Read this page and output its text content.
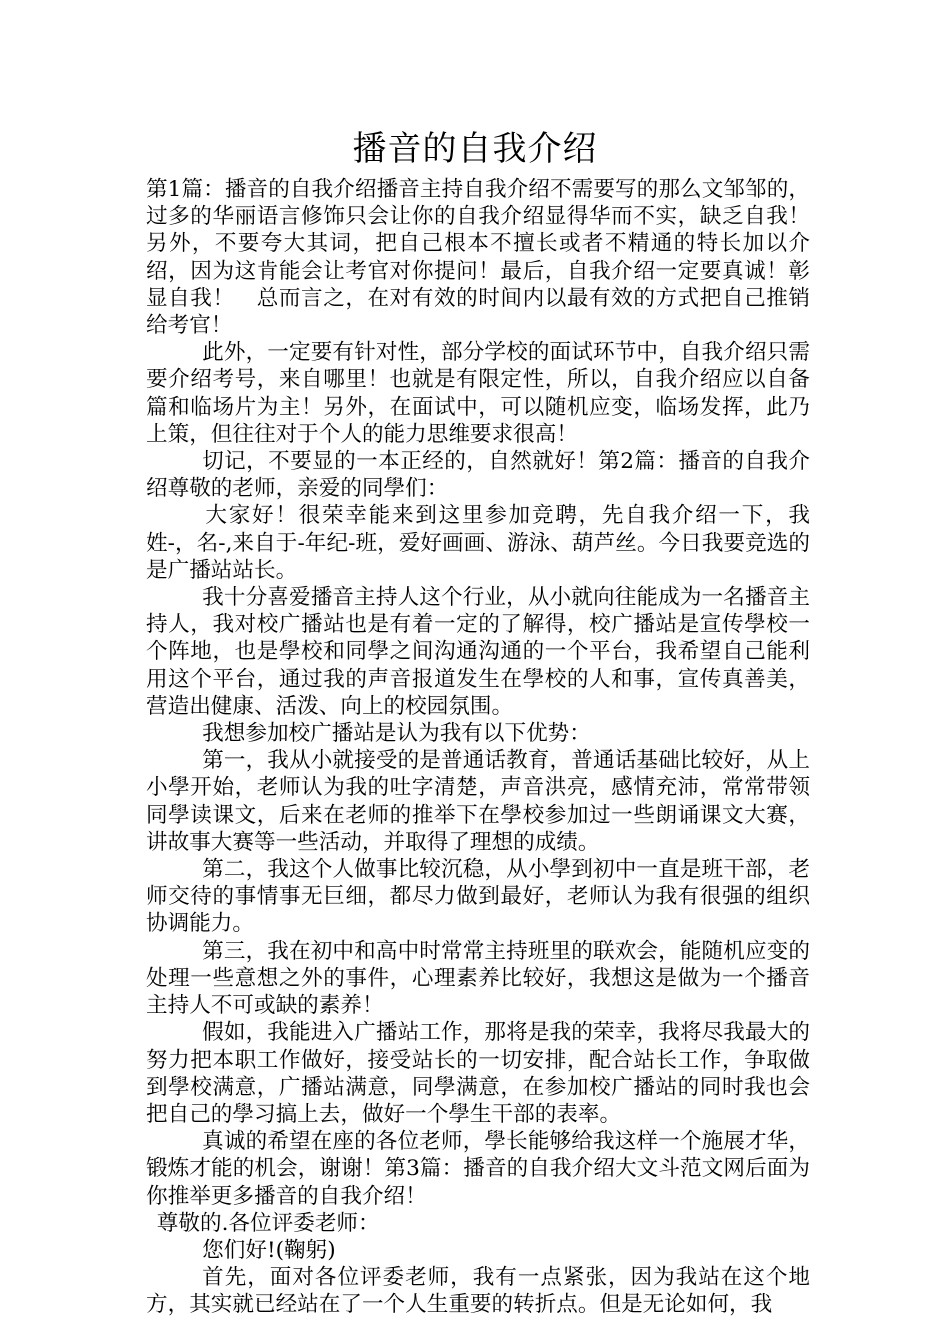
播音的自我介绍

第1篇：播音的自我介绍播音主持自我介绍不需要写的那么文邹邹的，过多的华丽语言修饰只会让你的自我介绍显得华而不实，缺乏自我！另外，不要夸大其词，把自己根本不擅长或者不精通的特长加以介绍，因为这肯能会让考官对你提问！最后，自我介绍一定要真诚！彰显自我！　总而言之，在对有效的时间内以最有效的方式把自己推销给考官！

此外，一定要有针对性，部分学校的面试环节中，自我介绍只需要介绍考号，来自哪里！也就是有限定性，所以，自我介绍应以自备篇和临场片为主！另外，在面试中，可以随机应变，临场发挥，此乃上策，但往往对于个人的能力思维要求很高！

切记，不要显的一本正经的，自然就好！第2篇：播音的自我介绍尊敬的老师，亲爱的同學们：

大家好！很荣幸能来到这里参加竞聘，先自我介绍一下，我姓-，名-,来自于-年纪-班，爱好画画、游泳、葫芦丝。今日我要竞选的是广播站站长。

我十分喜爱播音主持人这个行业，从小就向往能成为一名播音主持人，我对校广播站也是有着一定的了解得，校广播站是宣传學校一个阵地，也是學校和同學之间沟通沟通的一个平台，我希望自己能利用这个平台，通过我的声音报道发生在學校的人和事，宣传真善美，营造出健康、活泼、向上的校园氛围。

我想参加校广播站是认为我有以下优势：

第一，我从小就接受的是普通话教育，普通话基础比较好，从上小學开始，老师认为我的吐字清楚，声音洪亮，感情充沛，常常带领同學读课文，后来在老师的推举下在學校参加过一些朗诵课文大赛，讲故事大赛等一些活动，并取得了理想的成绩。

第二，我这个人做事比较沉稳，从小學到初中一直是班干部，老师交待的事情事无巨细，都尽力做到最好，老师认为我有很强的组织协调能力。

第三，我在初中和高中时常常主持班里的联欢会，能随机应变的处理一些意想之外的事件，心理素养比较好，我想这是做为一个播音主持人不可或缺的素养！

假如，我能进入广播站工作，那将是我的荣幸，我将尽我最大的努力把本职工作做好，接受站长的一切安排，配合站长工作，争取做到學校满意，广播站满意，同學满意，在参加校广播站的同时我也会把自己的學习搞上去，做好一个學生干部的表率。

真诚的希望在座的各位老师，學长能够给我这样一个施展才华，锻炼才能的机会，谢谢！第3篇：播音的自我介绍大文斗范文网后面为你推举更多播音的自我介绍！

尊敬的.各位评委老师：

您们好!(鞠躬)

首先，面对各位评委老师，我有一点紧张，因为我站在这个地方，其实就已经站在了一个人生重要的转折点。但是无论如何，我
